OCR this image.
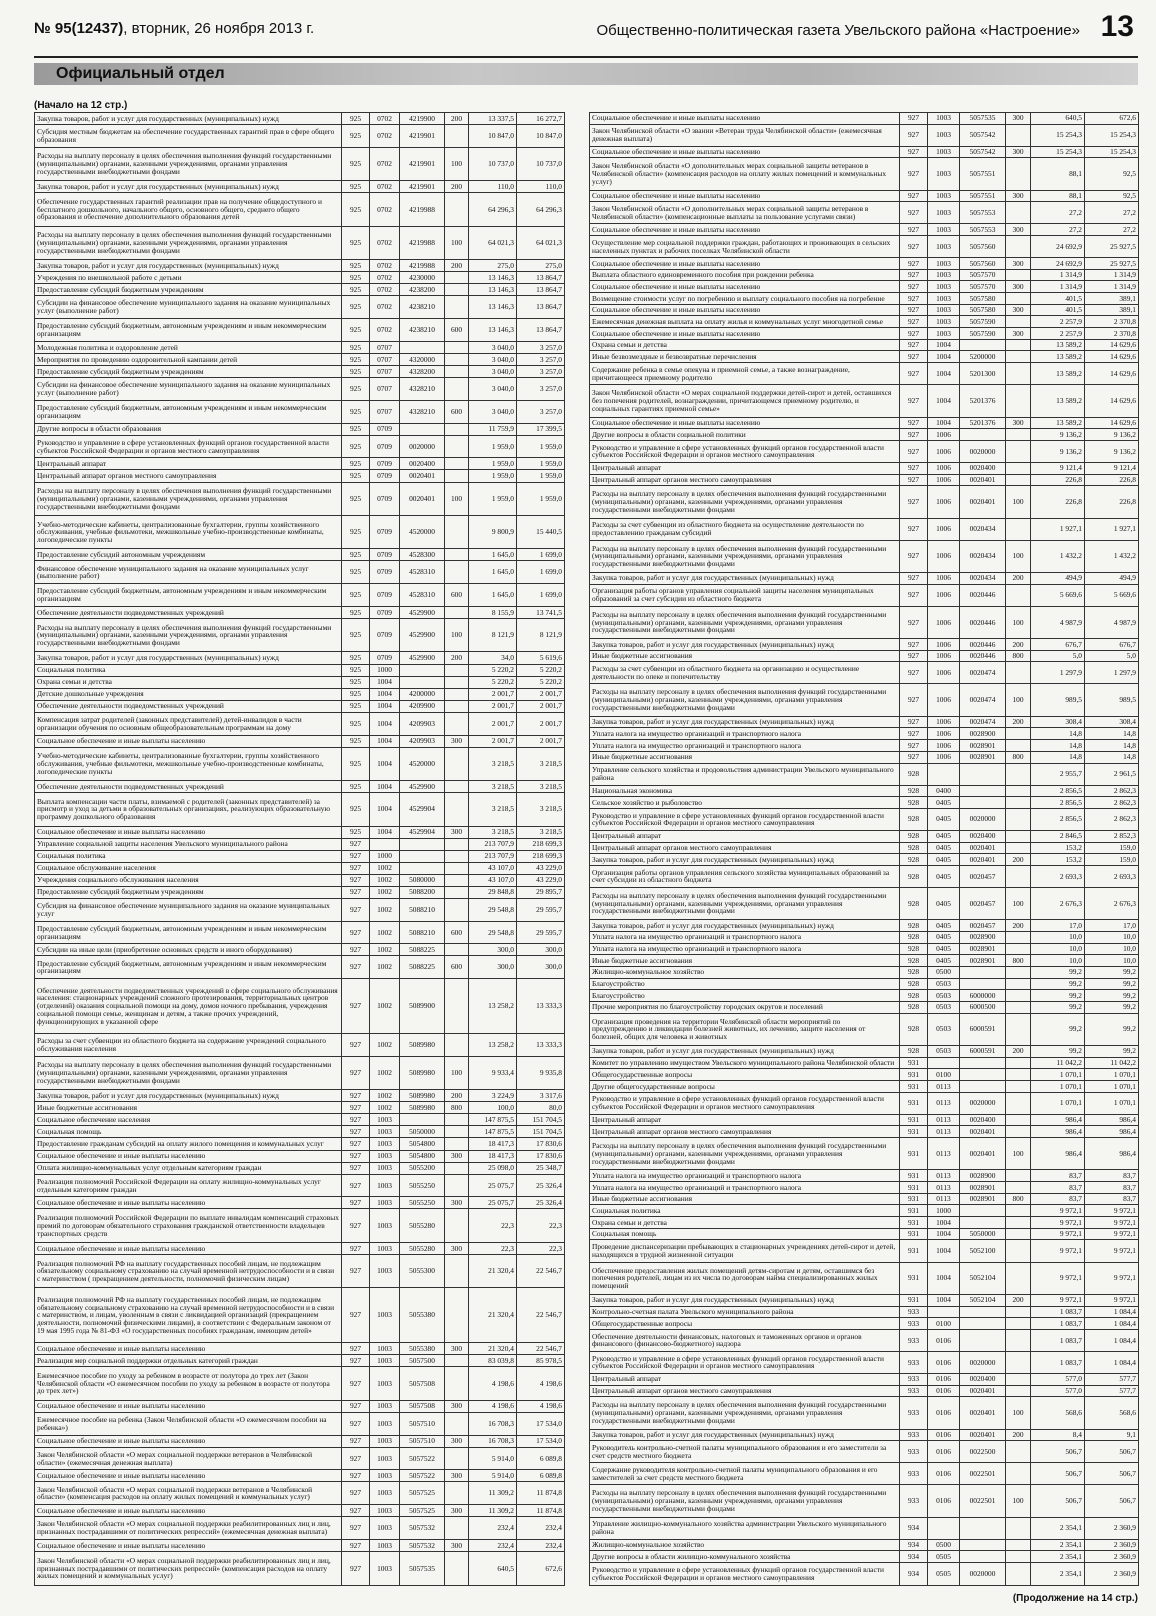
№ 95(12437), вторник, 26 ноября 2013 г.	Общественно-политическая газета Увельского района «Настроение» 13
Официальный отдел
(Начало на 12 стр.)
Закупка товаров, работ и услуг для государственных (муниципальных) нужд	925	0702	4219900	200	13 337,5	16 272,7
Субсидия местным бюджетам на обеспечение государственных гарантий прав в сфере общего образования	925	0702	4219901		10 847,0	10 847,0
Расходы на выплату персоналу в целях обеспечения выполнения функций государственными (муниципальными) органами, казенными учреждениями, органами управления государственными внебюджетными фондами	925	0702	4219901	100	10 737,0	10 737,0
Закупка товаров, работ и услуг для государственных (муниципальных) нужд	925	0702	4219901	200	110,0	110,0
Обеспечение государственных гарантий реализации прав на получение общедоступного и бесплатного дошкольного, начального общего, основного общего, среднего общего образования и обеспечение дополнительного образования детей	925	0702	4219988		64 296,3	64 296,3
Расходы на выплату персоналу в целях обеспечения выполнения функций государственными (муниципальными) органами, казенными учреждениями, органами управления государственными внебюджетными фондами	925	0702	4219988	100	64 021,3	64 021,3
Закупка товаров, работ и услуг для государственных (муниципальных) нужд	925	0702	4219988	200	275,0	275,0
Учреждения по внешкольной работе с детьми	925	0702	4230000		13 146,3	13 864,7
Предоставление субсидий бюджетным учреждениям	925	0702	4238200		13 146,3	13 864,7
Субсидии на финансовое обеспечение муниципального задания на оказание муниципальных услуг (выполнение работ)	925	0702	4238210		13 146,3	13 864,7
Предоставление субсидий бюджетным, автономным учреждениям и иным некоммерческим организациям	925	0702	4238210	600	13 146,3	13 864,7
Молодежная политика и оздоровление детей	925	0707			3 040,0	3 257,0
Мероприятия по проведению оздоровительной кампании детей	925	0707	4320000		3 040,0	3 257,0
Предоставление субсидий бюджетным учреждениям	925	0707	4328200		3 040,0	3 257,0
Субсидии на финансовое обеспечение муниципального задания на оказание муниципальных услуг (выполнение работ)	925	0707	4328210		3 040,0	3 257,0
Предоставление субсидий бюджетным, автономным учреждениям и иным некоммерческим организациям	925	0707	4328210	600	3 040,0	3 257,0
Другие вопросы в области образования	925	0709			11 759,9	17 399,5
Руководство и управление в сфере установленных функций органов государственной власти субъектов Российской Федерации и органов местного самоуправления	925	0709	0020000		1 959,0	1 959,0
Центральный аппарат	925	0709	0020400		1 959,0	1 959,0
Центральный аппарат органов местного самоуправления	925	0709	0020401		1 959,0	1 959,0
Расходы на выплату персоналу в целях обеспечения выполнения функций государственными (муниципальными) органами, казенными учреждениями, органами управления государственными внебюджетными фондами	925	0709	0020401	100	1 959,0	1 959,0
Учебно-методические кабинеты, централизованные бухгалтерии, группы хозяйственного обслуживания, учебные фильмотеки, межшкольные учебно-производственные комбинаты, логопедические пункты	925	0709	4520000		9 800,9	15 440,5
Предоставление субсидий автономным учреждениям	925	0709	4528300		1 645,0	1 699,0
Финансовое обеспечение муниципального задания на оказание муниципальных услуг (выполнение работ)	925	0709	4528310		1 645,0	1 699,0
Предоставление субсидий бюджетным, автономным учреждениям и иным некоммерческим организациям	925	0709	4528310	600	1 645,0	1 699,0
Обеспечение деятельности подведомственных учреждений	925	0709	4529900		8 155,9	13 741,5
Расходы на выплату персоналу в целях обеспечения выполнения функций государственными (муниципальными) органами, казенными учреждениями, органами управления государственными внебюджетными фондами	925	0709	4529900	100	8 121,9	8 121,9
Закупка товаров, работ и услуг для государственных (муниципальных) нужд	925	0709	4529900	200	34,0	5 619,6
Социальная политика	925	1000			5 220,2	5 220,2
Охрана семьи и детства	925	1004			5 220,2	5 220,2
Детские дошкольные учреждения	925	1004	4200000		2 001,7	2 001,7
Обеспечение деятельности подведомственных учреждений	925	1004	4209900		2 001,7	2 001,7
Компенсация затрат родителей (законных представителей) детей-инвалидов в части организации обучения по основным общеобразовательным программам на дому	925	1004	4209903		2 001,7	2 001,7
Социальное обеспечение и иные выплаты населению	925	1004	4209903	300	2 001,7	2 001,7
Учебно-методические кабинеты, централизованные бухгалтерии, группы хозяйственного обслуживания, учебные фильмотеки, межшкольные учебно-производственные комбинаты, логопедические пункты	925	1004	4520000		3 218,5	3 218,5
Обеспечение деятельности подведомственных учреждений	925	1004	4529900		3 218,5	3 218,5
Выплата компенсации части платы, взимаемой с родителей (законных представителей) за присмотр и уход за детьми в образовательных организациях, реализующих образовательную программу дошкольного образования	925	1004	4529904		3 218,5	3 218,5
Социальное обеспечение и иные выплаты населению	925	1004	4529904	300	3 218,5	3 218,5
Управление социальной защиты населения Увельского муниципального района	927				213 707,9	218 699,3
Социальная политика	927	1000			213 707,9	218 699,3
Социальное обслуживание населения	927	1002			43 107,0	43 229,0
Учреждения социального обслуживания населения	927	1002	5080000		43 107,0	43 229,0
Предоставление субсидий бюджетным учреждениям	927	1002	5088200		29 848,8	29 895,7
Субсидия на финансовое обеспечение муниципального задания на оказание муниципальных услуг	927	1002	5088210		29 548,8	29 595,7
Предоставление субсидий бюджетным, автономным учреждениям и иным некоммерческим организациям	927	1002	5088210	600	29 548,8	29 595,7
Субсидии на иные цели (приобретение основных средств и иного оборудования)	927	1002	5088225		300,0	300,0
Предоставление субсидий бюджетным, автономным учреждениям и иным некоммерческим организациям	927	1002	5088225	600	300,0	300,0
Обеспечение деятельности подведомственных учреждений в сфере социального обслуживания населения: стационарных учреждений сложного протезирования, территориальных центров (отделений) оказания социальной помощи на дому, домов ночного пребывания, учреждения социальной помощи семье, женщинам и детям, а также прочих учреждений, функционирующих в указанной сфере	927	1002	5089900		13 258,2	13 333,3
Расходы за счет субвенции из областного бюджета на содержание учреждений социального обслуживания населения	927	1002	5089980		13 258,2	13 333,3
Расходы на выплату персоналу в целях обеспечения выполнения функций государственными (муниципальными) органами, казенными учреждениями, органами управления государственными внебюджетными фондами	927	1002	5089980	100	9 933,4	9 935,8
Закупка товаров, работ и услуг для государственных (муниципальных) нужд	927	1002	5089980	200	3 224,9	3 317,6
Иные бюджетные ассигнования	927	1002	5089980	800	100,0	80,0
Социальное обеспечение населения	927	1003			147 875,5	151 704,5
Социальная помощь	927	1003	5050000		147 875,5	151 704,5
Предоставление гражданам субсидий на оплату жилого помещения и коммунальных услуг	927	1003	5054800		18 417,3	17 830,6
Социальное обеспечение и иные выплаты населению	927	1003	5054800	300	18 417,3	17 830,6
Оплата жилищно-коммунальных услуг отдельным категориям граждан	927	1003	5055200		25 098,0	25 348,7
Реализация полномочий Российской Федерации на оплату жилищно-коммунальных услуг отдельным категориям граждан	927	1003	5055250		25 075,7	25 326,4
Социальное обеспечение и иные выплаты населению	927	1003	5055250	300	25 075,7	25 326,4
Реализация полномочий Российской Федерации по выплате инвалидам компенсаций страховых премий по договорам обязательного страхования гражданской ответственности владельцев транспортных средств	927	1003	5055280		22,3	22,3
Социальное обеспечение и иные выплаты населению	927	1003	5055280	300	22,3	22,3
Реализация полномочий РФ на выплату государственных пособий лицам, не подлежащим обязательному социальному страхованию на случай временной нетрудоспособности и в связи с материнством ( прекращением деятельности, полномочий физическим лицам)	927	1003	5055300		21 320,4	22 546,7
Реализация полномочий РФ на выплату государственных пособий лицам, не подлежащим обязательному социальному страхованию на случай временной нетрудоспособности и в связи с материнством, и лицам, уволенным в связи с ликвидацией организаций (прекращением деятельности, полномочий физическими лицами), в соответствии с Федеральным законом от 19 мая 1995 года № 81-ФЗ «О государственных пособиях гражданам, имеющим детей»	927	1003	5055380		21 320,4	22 546,7
Социальное обеспечение и иные выплаты населению	927	1003	5055380	300	21 320,4	22 546,7
Реализация мер социальной поддержки отдельных категорий граждан	927	1003	5057500		83 039,8	85 978,5
Ежемесячное пособие по уходу за ребенком в возрасте от полутора до трех лет (Закон Челябинской области «О ежемесячном пособии по уходу за ребенком в возрасте от полутора до трех лет»)	927	1003	5057508		4 198,6	4 198,6
Социальное обеспечение и иные выплаты населению	927	1003	5057508	300	4 198,6	4 198,6
Ежемесячное пособие на ребенка (Закон Челябинской области «О ежемесячном пособии на ребенка»)	927	1003	5057510		16 708,3	17 534,0
Социальное обеспечение и иные выплаты населению	927	1003	5057510	300	16 708,3	17 534,0
Закон Челябинской области «О мерах социальной поддержки ветеранов в Челябинской области» (ежемесячная денежная выплата)	927	1003	5057522		5 914,0	6 089,8
Социальное обеспечение и иные выплаты населению	927	1003	5057522	300	5 914,0	6 089,8
Закон Челябинской области «О мерах социальной поддержки ветеранов в Челябинской области» (компенсация расходов на оплату жилых помещений и коммунальных услуг)	927	1003	5057525		11 309,2	11 874,8
Социальное обеспечение и иные выплаты населению	927	1003	5057525	300	11 309,2	11 874,8
Закон Челябинской области «О мерах социальной поддержки реабилитированных лиц и лиц, признанных пострадавшими от политических репрессий» (ежемесячная денежная выплата)	927	1003	5057532		232,4	232,4
Социальное обеспечение и иные выплаты населению	927	1003	5057532	300	232,4	232,4
Закон Челябинской области «О мерах социальной поддержки реабилитированных лиц и лиц, признанных пострадавшими от политических репрессий» (компенсация расходов на оплату жилых помещений и коммунальных услуг)	927	1003	5057535		640,5	672,6
Социальное обеспечение и иные выплаты населению	927	1003	5057535	300	640,5	672,6
Закон Челябинской области «О звании «Ветеран труда Челябинской области» (ежемесячная денежная выплата)	927	1003	5057542		15 254,3	15 254,3
Социальное обеспечение и иные выплаты населению	927	1003	5057542	300	15 254,3	15 254,3
Закон Челябинской области «О дополнительных мерах социальной защиты ветеранов в Челябинской области» (компенсация расходов на оплату жилых помещений и коммунальных услуг)	927	1003	5057551		88,1	92,5
Социальное обеспечение и иные выплаты населению	927	1003	5057551	300	88,1	92,5
Закон Челябинской области «О дополнительных мерах социальной защиты ветеранов в Челябинской области» (компенсационные выплаты за пользование услугами связи)	927	1003	5057553		27,2	27,2
Социальное обеспечение и иные выплаты населению	927	1003	5057553	300	27,2	27,2
Осуществление мер социальной поддержки граждан, работающих и проживающих в сельских населенных пунктах и рабочих поселках Челябинской области	927	1003	5057560		24 692,9	25 927,5
Социальное обеспечение и иные выплаты населению	927	1003	5057560	300	24 692,9	25 927,5
Выплата областного единовременного пособия при рождении ребенка	927	1003	5057570		1 314,9	1 314,9
Социальное обеспечение и иные выплаты населению	927	1003	5057570	300	1 314,9	1 314,9
Возмещение стоимости услуг по погребению и выплату социального пособия на погребение	927	1003	5057580		401,5	389,1
Социальное обеспечение и иные выплаты населению	927	1003	5057580	300	401,5	389,1
Ежемесячная денежная выплата на оплату жилья и коммунальных услуг многодетной семье	927	1003	5057590		2 257,9	2 370,8
Социальное обеспечение и иные выплаты населению	927	1003	5057590	300	2 257,9	2 370,8
Охрана семьи и детства	927	1004			13 589,2	14 629,6
Иные безвозмездные и безвозвратные перечисления	927	1004	5200000		13 589,2	14 629,6
Содержание ребенка в семье опекуна и приемной семье, а также вознаграждение, причитающееся приемному родителю	927	1004	5201300		13 589,2	14 629,6
Закон Челябинской области «О мерах социальной поддержки детей-сирот и детей, оставшихся без попечения родителей, вознаграждении, причитающемся приемному родителю, и социальных гарантиях приемной семье»	927	1004	5201376		13 589,2	14 629,6
Социальное обеспечение и иные выплаты населению	927	1004	5201376	300	13 589,2	14 629,6
Другие вопросы в области социальной политики	927	1006			9 136,2	9 136,2
Руководство и управление в сфере установленных функций органов государственной власти субъектов Российской Федерации и органов местного самоуправления	927	1006	0020000		9 136,2	9 136,2
Центральный аппарат	927	1006	0020400		9 121,4	9 121,4
Центральный аппарат органов местного самоуправления	927	1006	0020401		226,8	226,8
Расходы на выплату персоналу в целях обеспечения выполнения функций государственными (муниципальными) органами, казенными учреждениями, органами управления государственными внебюджетными фондами	927	1006	0020401	100	226,8	226,8
Расходы за счет субвенции из областного бюджета на осуществление деятельности по предоставлению гражданам субсидий	927	1006	0020434		1 927,1	1 927,1
Расходы на выплату персоналу в целях обеспечения выполнения функций государственными (муниципальными) органами, казенными учреждениями, органами управления государственными внебюджетными фондами	927	1006	0020434	100	1 432,2	1 432,2
Закупка товаров, работ и услуг для государственных (муниципальных) нужд	927	1006	0020434	200	494,9	494,9
Организация работы органов управления социальной защиты населения муниципальных образований за счет субсидии из областного бюджета	927	1006	0020446		5 669,6	5 669,6
Расходы на выплату персоналу в целях обеспечения выполнения функций государственными (муниципальными) органами, казенными учреждениями, органами управления государственными внебюджетными фондами	927	1006	0020446	100	4 987,9	4 987,9
Закупка товаров, работ и услуг для государственных (муниципальных) нужд	927	1006	0020446	200	676,7	676,7
Иные бюджетные ассигнования	927	1006	0020446	800	5,0	5,0
Расходы за счет субвенции из областного бюджета на организацию и осуществление деятельности по опеке и попечительству	927	1006	0020474		1 297,9	1 297,9
Расходы на выплату персоналу в целях обеспечения выполнения функций государственными (муниципальными) органами, казенными учреждениями, органами управления государственными внебюджетными фондами	927	1006	0020474	100	989,5	989,5
Закупка товаров, работ и услуг для государственных (муниципальных) нужд	927	1006	0020474	200	308,4	308,4
Уплата налога на имущество организаций и транспортного налога	927	1006	0028900		14,8	14,8
Уплата налога на имущество организаций и транспортного налога	927	1006	0028901		14,8	14,8
Иные бюджетные ассигнования	927	1006	0028901	800	14,8	14,8
Управление сельского хозяйства и продовольствия администрации Увельского муниципального района	928				2 955,7	2 961,5
Национальная экономика	928	0400			2 856,5	2 862,3
Сельское хозяйство и рыболовство	928	0405			2 856,5	2 862,3
Руководство и управление в сфере установленных функций органов государственной власти субъектов Российской Федерации и органов местного самоуправления	928	0405	0020000		2 856,5	2 862,3
Центральный аппарат	928	0405	0020400		2 846,5	2 852,3
Центральный аппарат органов местного самоуправления	928	0405	0020401		153,2	159,0
Закупка товаров, работ и услуг для государственных (муниципальных) нужд	928	0405	0020401	200	153,2	159,0
Организация работы органов управления сельского хозяйства муниципальных образований за счет субсидии из областного бюджета	928	0405	0020457		2 693,3	2 693,3
Расходы на выплату персоналу в целях обеспечения выполнения функций государственными (муниципальными) органами, казенными учреждениями, органами управления государственными внебюджетными фондами	928	0405	0020457	100	2 676,3	2 676,3
Закупка товаров, работ и услуг для государственных (муниципальных) нужд	928	0405	0020457	200	17,0	17,0
Уплата налога на имущество организаций и транспортного налога	928	0405	0028900		10,0	10,0
Уплата налога на имущество организаций и транспортного налога	928	0405	0028901		10,0	10,0
Иные бюджетные ассигнования	928	0405	0028901	800	10,0	10,0
Жилищно-коммунальное хозяйство	928	0500			99,2	99,2
Благоустройство	928	0503			99,2	99,2
Благоустройство	928	0503	6000000		99,2	99,2
Прочие мероприятия по благоустройству городских округов и поселений	928	0503	6000500		99,2	99,2
Организация проведения на территории Челябинской области мероприятий по предупреждению и ликвидации болезней животных, их лечению, защите населения от болезней, общих для человека и животных	928	0503	6000591		99,2	99,2
Закупка товаров, работ и услуг для государственных (муниципальных) нужд	928	0503	6000591	200	99,2	99,2
Комитет по управлению имуществом Увельского муниципального района Челябинской области	931				11 042,2	11 042,2
Общегосударственные вопросы	931	0100			1 070,1	1 070,1
Другие общегосударственные вопросы	931	0113			1 070,1	1 070,1
Руководство и управление в сфере установленных функций органов государственной власти субъектов Российской Федерации и органов местного самоуправления	931	0113	0020000		1 070,1	1 070,1
Центральный аппарат	931	0113	0020400		986,4	986,4
Центральный аппарат органов местного самоуправления	931	0113	0020401		986,4	986,4
Расходы на выплату персоналу в целях обеспечения выполнения функций государственными (муниципальными) органами, казенными учреждениями, органами управления государственными внебюджетными фондами	931	0113	0020401	100	986,4	986,4
Уплата налога на имущество организаций и транспортного налога	931	0113	0028900		83,7	83,7
Уплата налога на имущество организаций и транспортного налога	931	0113	0028901		83,7	83,7
Иные бюджетные ассигнования	931	0113	0028901	800	83,7	83,7
Социальная политика	931	1000			9 972,1	9 972,1
Охрана семьи и детства	931	1004			9 972,1	9 972,1
Социальная помощь	931	1004	5050000		9 972,1	9 972,1
Проведение диспансеризации пребывающих в стационарных учреждениях детей-сирот и детей, находящихся в трудной жизненной ситуации	931	1004	5052100		9 972,1	9 972,1
Обеспечение предоставления жилых помещений детям-сиротам и детям, оставшимся без попечения родителей, лицам из их числа по договорам найма специализированных жилых помещений	931	1004	5052104		9 972,1	9 972,1
Закупка товаров, работ и услуг для государственных (муниципальных) нужд	931	1004	5052104	200	9 972,1	9 972,1
Контрольно-счетная палата Увельского муниципального района	933				1 083,7	1 084,4
Общегосударственные вопросы	933	0100			1 083,7	1 084,4
Обеспечение деятельности финансовых, налоговых и таможенных органов и органов финансового (финансово-бюджетного) надзора	933	0106			1 083,7	1 084,4
Руководство и управление в сфере установленных функций органов государственной власти субъектов Российской Федерации и органов местного самоуправления	933	0106	0020000		1 083,7	1 084,4
Центральный аппарат	933	0106	0020400		577,0	577,7
Центральный аппарат органов местного самоуправления	933	0106	0020401		577,0	577,7
Расходы на выплату персоналу в целях обеспечения выполнения функций государственными (муниципальными) органами, казенными учреждениями, органами управления государственными внебюджетными фондами	933	0106	0020401	100	568,6	568,6
Закупка товаров, работ и услуг для государственных (муниципальных) нужд	933	0106	0020401	200	8,4	9,1
Руководитель контрольно-счетной палаты муниципального образования и его заместители за счет средств местного бюджета	933	0106	0022500		506,7	506,7
Содержание руководителя контрольно-счетной палаты муниципального образования и его заместителей за счет средств местного бюджета	933	0106	0022501		506,7	506,7
Расходы на выплату персоналу в целях обеспечения выполнения функций государственными (муниципальными) органами, казенными учреждениями, органами управления государственными внебюджетными фондами	933	0106	0022501	100	506,7	506,7
Управление жилищно-коммунального хозяйства администрации Увельского муниципального района	934				2 354,1	2 360,9
Жилищно-коммунальное хозяйство	934	0500			2 354,1	2 360,9
Другие вопросы в области жилищно-коммунального хозяйства	934	0505			2 354,1	2 360,9
Руководство и управление в сфере установленных функций органов государственной власти субъектов Российской Федерации и органов местного самоуправления	934	0505	0020000		2 354,1	2 360,9
(Продолжение на 14 стр.)
